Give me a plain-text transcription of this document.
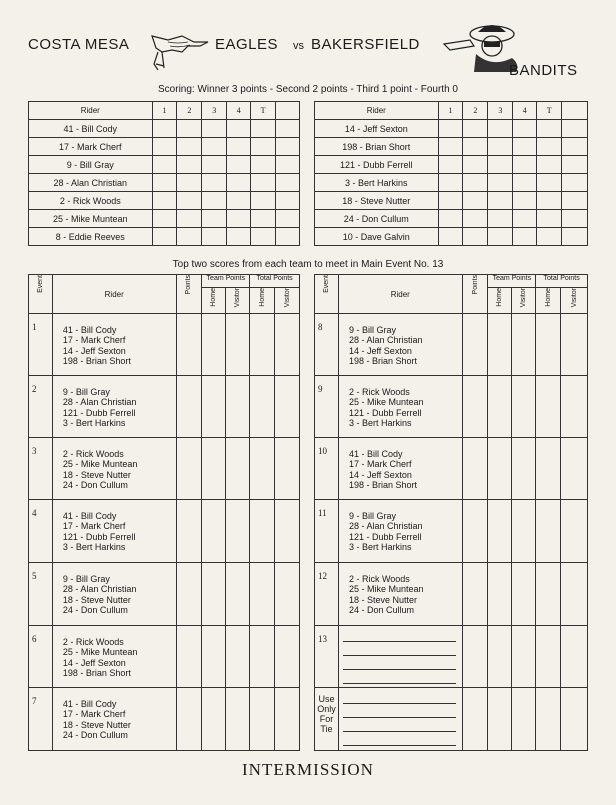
COSTA MESA	EAGLES vs BAKERSFIELD
BANDITS
Scoring: Winner 3 points - Second 2 points - Third 1 point - Fourth 0
Rider	1	2	3	4	T	
41 - Bill Cody						
17 - Mark Cherf						
9 - Bill Gray						
28 - Alan Christian						
2 - Rick Woods						
25 - Mike Muntean						
8 - Eddie Reeves						
Rider	1	2	3	4	T	
14 - Jeff Sexton						
198 - Brian Short						
121 - Dubb Ferrell						
3 - Bert Harkins						
18 - Steve Nutter						
24 - Don Cullum						
10 - Dave Galvin						
Top two scores from each team to meet in Main Event No. 13
Event	Rider	Points	Team Points		Total Points	
			Home	Visitor	Home	Visitor
1	41 - Bill Cody
17 - Mark Cherf
14 - Jeff Sexton
198 - Brian Short					

2	9 - Bill Gray
28 - Alan Christian
121 - Dubb Ferrell
3 - Bert Harkins					

3	2 - Rick Woods
25 - Mike Muntean
18 - Steve Nutter
24 - Don Cullum					

4	41 - Bill Cody
17 - Mark Cherf
121 - Dubb Ferrell
3 - Bert Harkins					

5	9 - Bill Gray
28 - Alan Christian
18 - Steve Nutter
24 - Don Cullum					

6	2 - Rick Woods
25 - Mike Muntean
14 - Jeff Sexton
198 - Brian Short					

7	41 - Bill Cody
17 - Mark Cherf
18 - Steve Nutter
24 - Don Cullum					

Event	Rider	Points	Team Points		Total Points	
			Home	Visitor	Home	Visitor
8	9 - Bill Gray
28 - Alan Christian
14 - Jeff Sexton
198 - Brian Short					

9	2 - Rick Woods
25 - Mike Muntean
121 - Dubb Ferrell
3 - Bert Harkins					

10	41 - Bill Cody
17 - Mark Cherf
14 - Jeff Sexton
198 - Brian Short					

11	9 - Bill Gray
28 - Alan Christian
121 - Dubb Ferrell
3 - Bert Harkins					

12	2 - Rick Woods
25 - Mike Muntean
18 - Steve Nutter
24 - Don Cullum					

13	

Use
Only
For
Tie						

INTERMISSION
